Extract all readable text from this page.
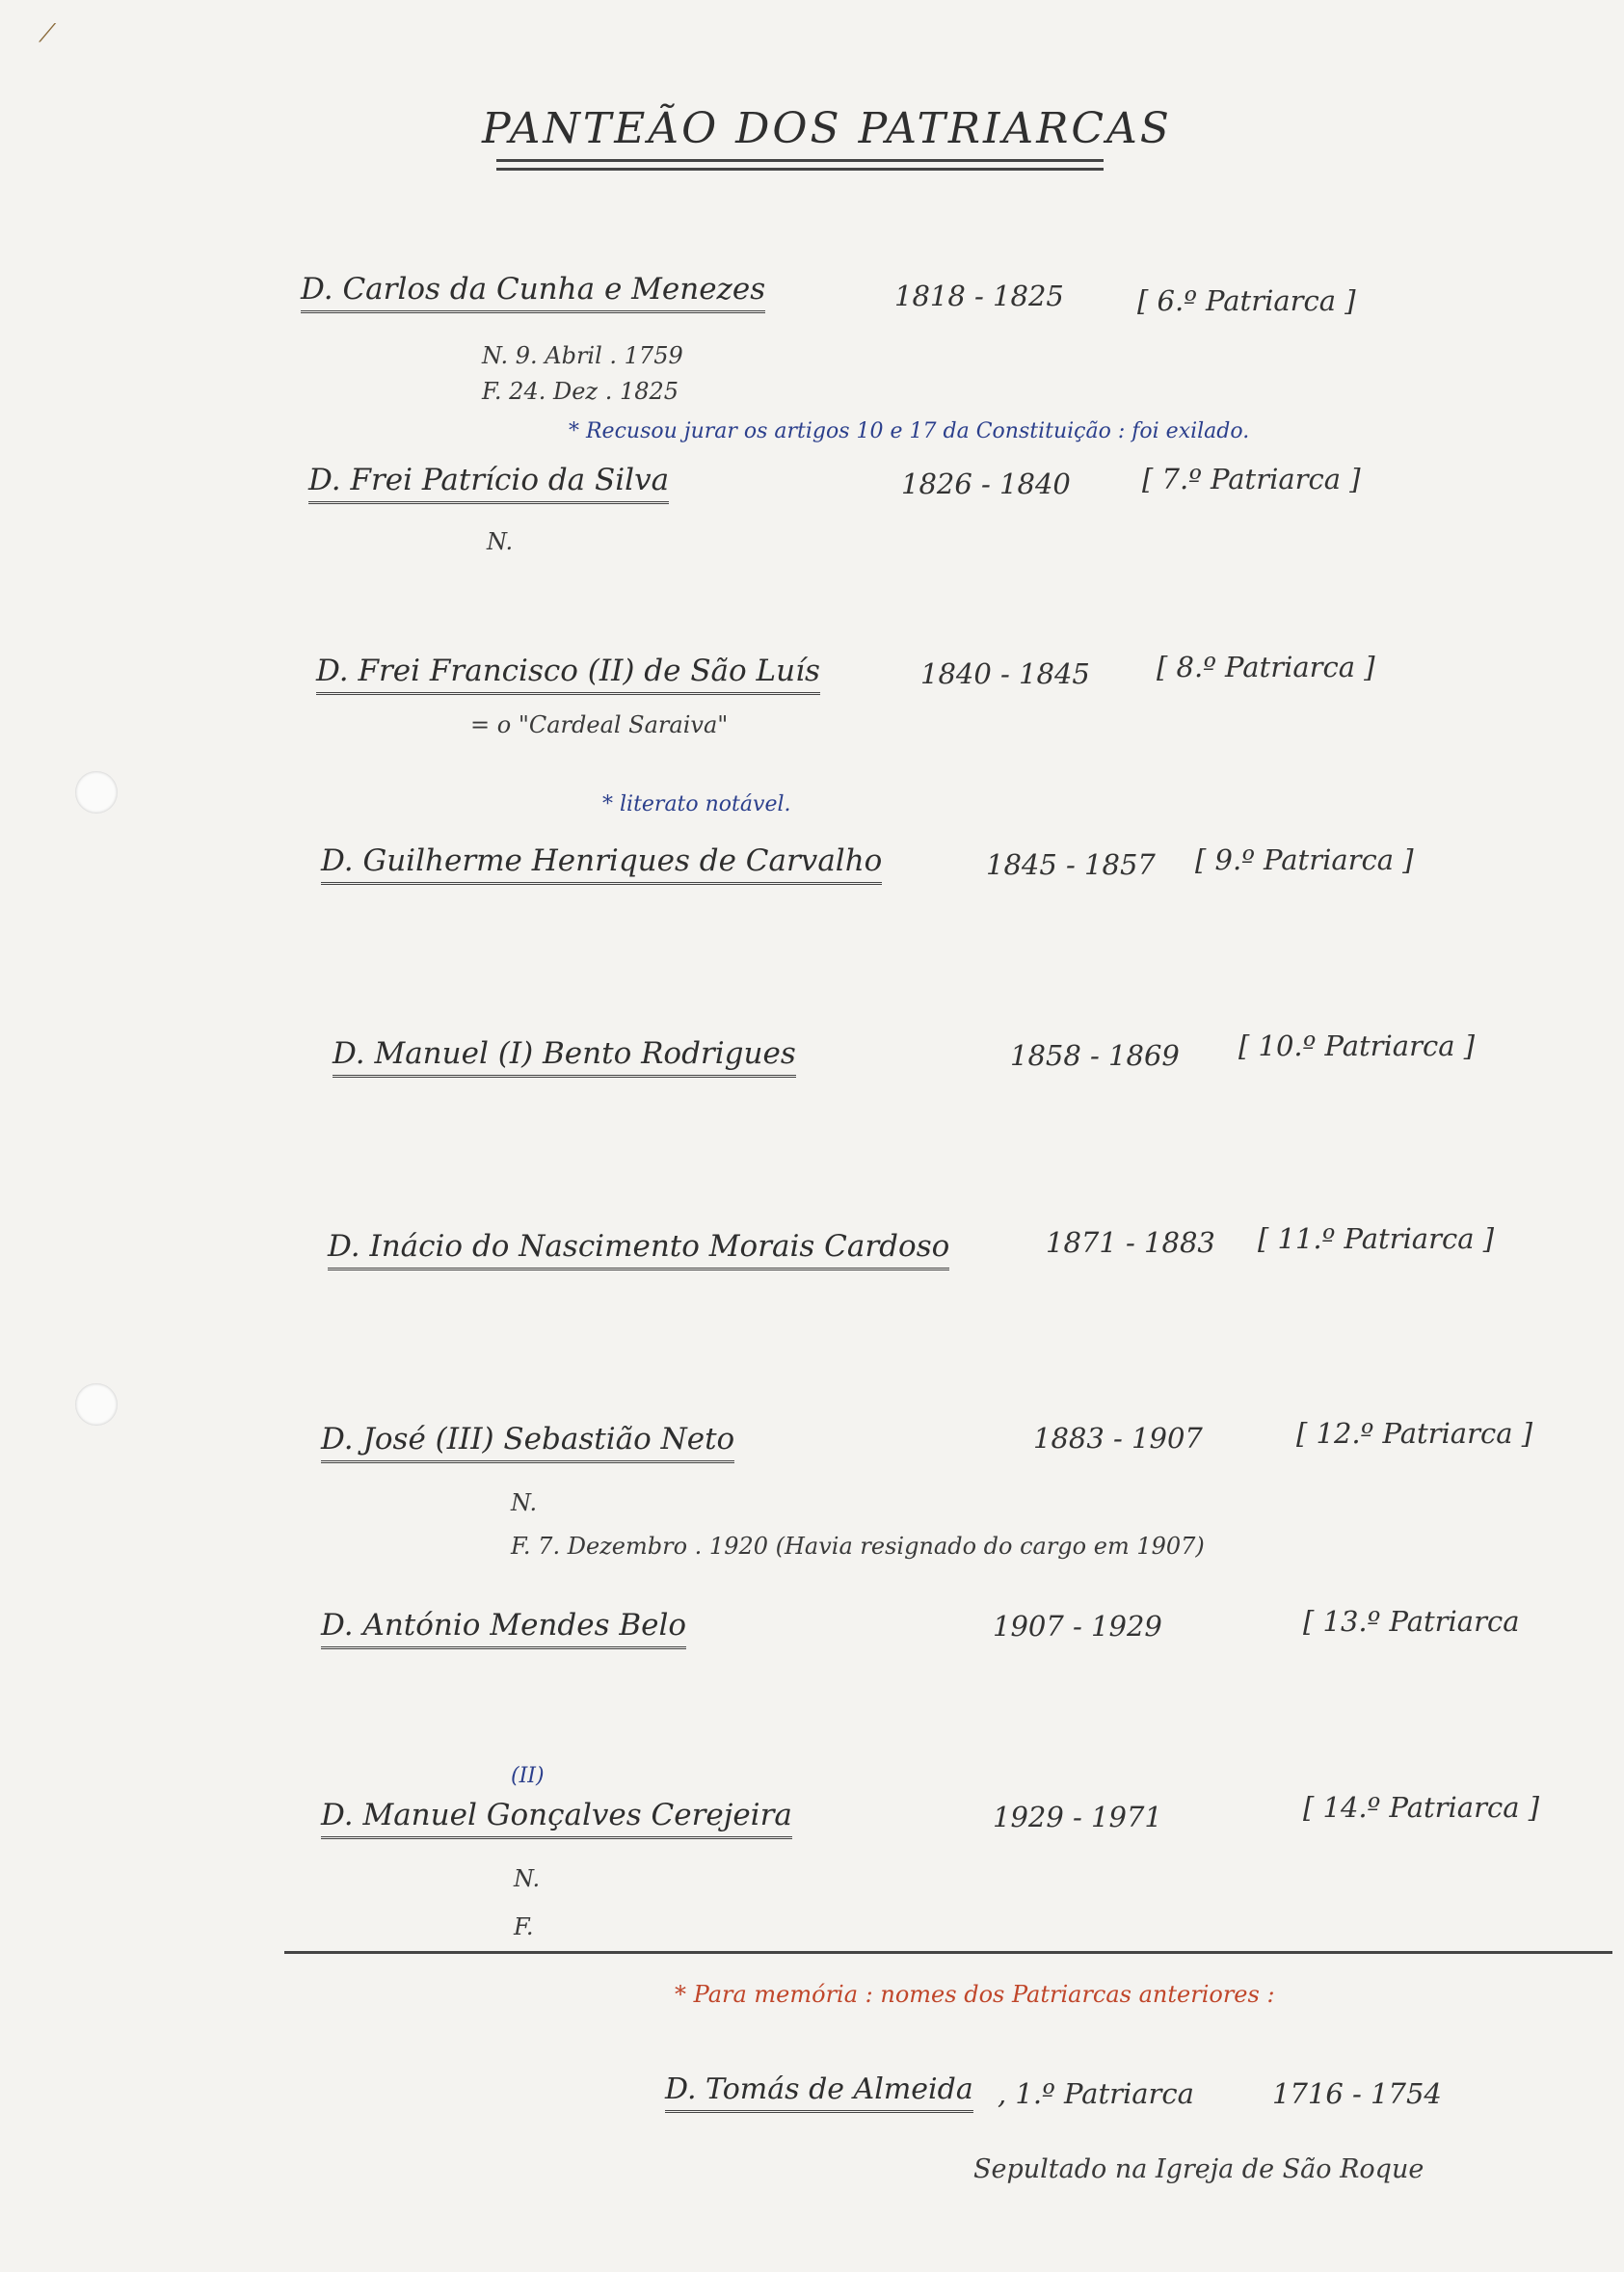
⟋
PANTEÃO DOS PATRIARCAS
D. Carlos da Cunha e Menezes	1818 - 1825	[ 6.º Patriarca ]
N. 9. Abril . 1759
F. 24. Dez . 1825
* Recusou jurar os artigos 10 e 17 da Constituição : foi exilado.
D. Frei Patrício da Silva	1826 - 1840	[ 7.º Patriarca ]
N.
D. Frei Francisco (II) de São Luís	1840 - 1845 [ 8.º Patriarca ]
= o "Cardeal Saraiva"
* literato notável.
D. Guilherme Henriques de Carvalho	1845 - 1857 [ 9.º Patriarca ]
D. Manuel (I) Bento Rodrigues	1858 - 1869 [ 10.º Patriarca ]
D. Inácio do Nascimento Morais Cardoso	1871 - 1883 [ 11.º Patriarca ]
D. José (III) Sebastião Neto	1883 - 1907	[ 12.º Patriarca ]
N.
F. 7. Dezembro . 1920 (Havia resignado do cargo em 1907)
D. António Mendes Belo	1907 - 1929	[ 13.º Patriarca
(II)
D. Manuel Gonçalves Cerejeira	1929 - 1971	[ 14.º Patriarca ]
N.
F.
* Para memória : nomes dos Patriarcas anteriores :
D. Tomás de Almeida , 1.º Patriarca	1716 - 1754
Sepultado na Igreja de São Roque
